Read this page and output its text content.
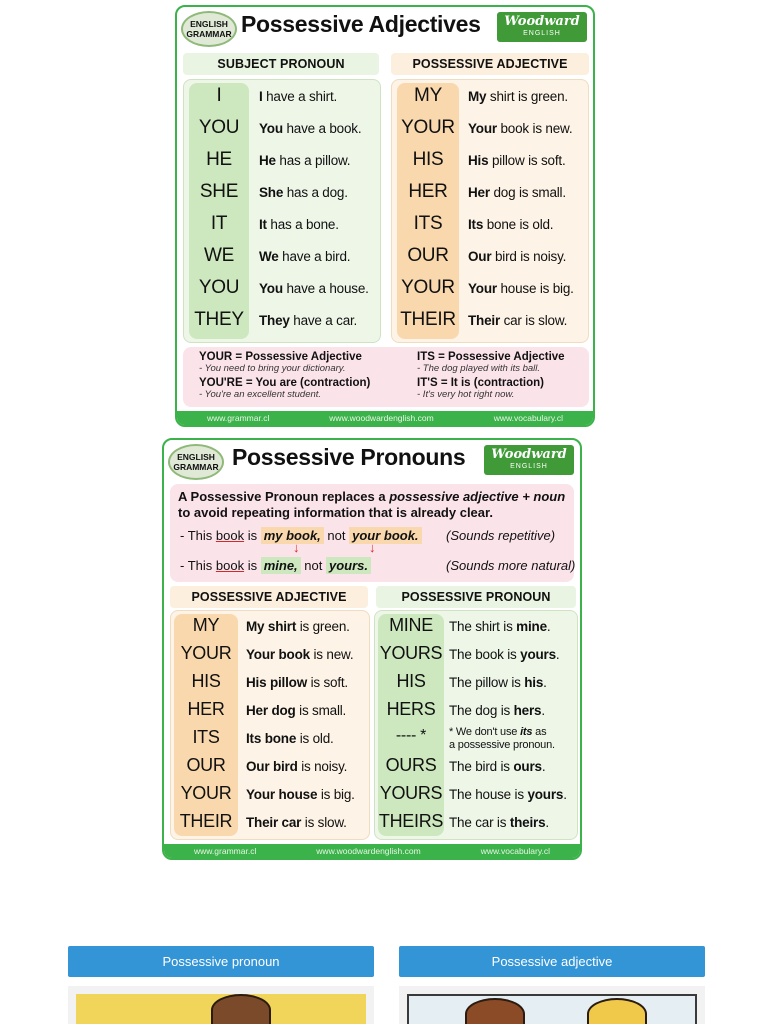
ENGLISH
GRAMMAR Possessive Adjectives	Woodward
ENGLISH
SUBJECT PRONOUN	POSSESSIVE ADJECTIVE
I	I have a shirt.	MY	My shirt is green.
YOU	You have a book. YOUR Your book is new.
HE	He has a pillow.	HIS	His pillow is soft.
SHE	She has a dog.	HER	Her dog is small.
IT	It has a bone.	ITS	Its bone is old.
WE	We have a bird.	OUR	Our bird is noisy.
YOU	You have a house. YOUR Your house is big.
THEY	They have a car. THEIR Their car is slow.
YOUR = Possessive Adjective
- You need to bring your dictionary.
YOU'RE = You are (contraction)
- You're an excellent student.
ITS = Possessive Adjective
- The dog played with its ball.
IT'S = It is (contraction)
- It's very hot right now.
www.grammar.cl	www.woodwardenglish.com	www.vocabulary.cl
ENGLISH
GRAMMAR Possessive Pronouns	Woodward
ENGLISH
A Possessive Pronoun replaces a possessive adjective + noun
to avoid repeating information that is already clear.
- This book is my book, not your book. (Sounds repetitive)
↓	↓
- This book is mine, not yours.	(Sounds more natural)
POSSESSIVE ADJECTIVE	POSSESSIVE PRONOUN
MY	My shirt is green.	MINE	The shirt is mine.
YOUR	Your book is new. YOURS The book is yours.
HIS	His pillow is soft.	HIS	The pillow is his.
HER	Her dog is small.	HERS	The dog is hers.
ITS	Its bone is old.	---- *	* We don't use its as
a possessive pronoun.
OUR	Our bird is noisy.	OURS The bird is ours.
YOUR	Your house is big. YOURS The house is yours.
THEIR	Their car is slow. THEIRS The car is theirs.
www.grammar.cl	www.woodwardenglish.com	www.vocabulary.cl
Possessive pronoun	Possessive adjective
